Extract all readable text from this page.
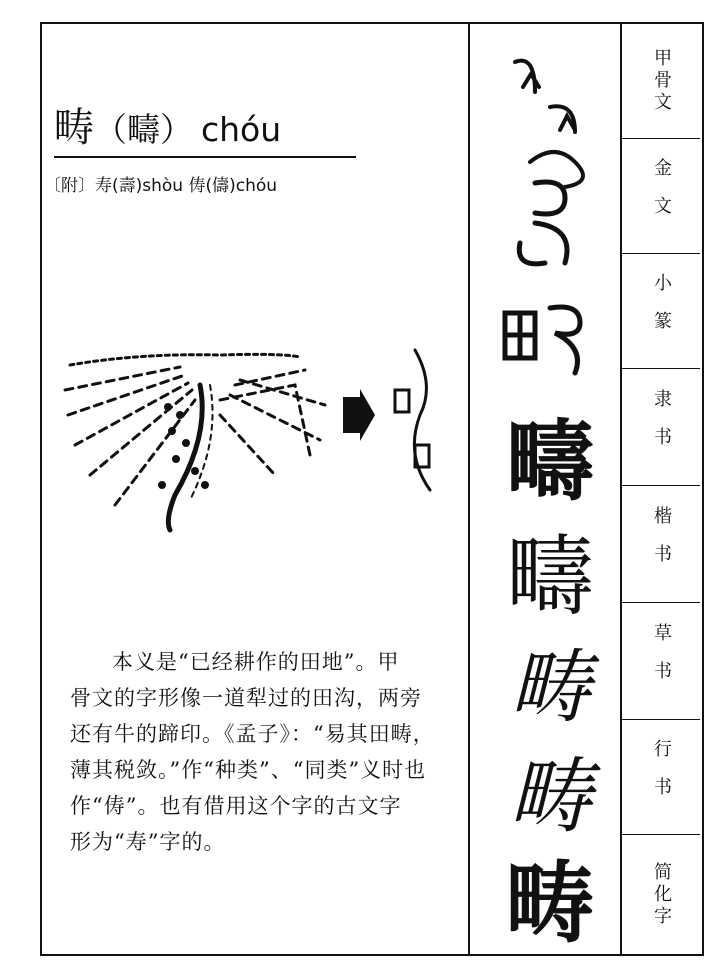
畴（疇） chóu
〔附〕寿(壽)shòu 俦(儔)chóu

本义是“已经耕作的田地”。甲

骨文的字形像一道犁过的田沟，两旁

还有牛的蹄印。《孟子》：“易其田畴，

薄其税敛。”作“种类”、“同类”义时也

作“俦”。也有借用这个字的古文字

形为“寿”字的。

疇
疇
畴
畴
畴
甲骨文
金文
小篆
隶书
楷书
草书
行书
简化字
